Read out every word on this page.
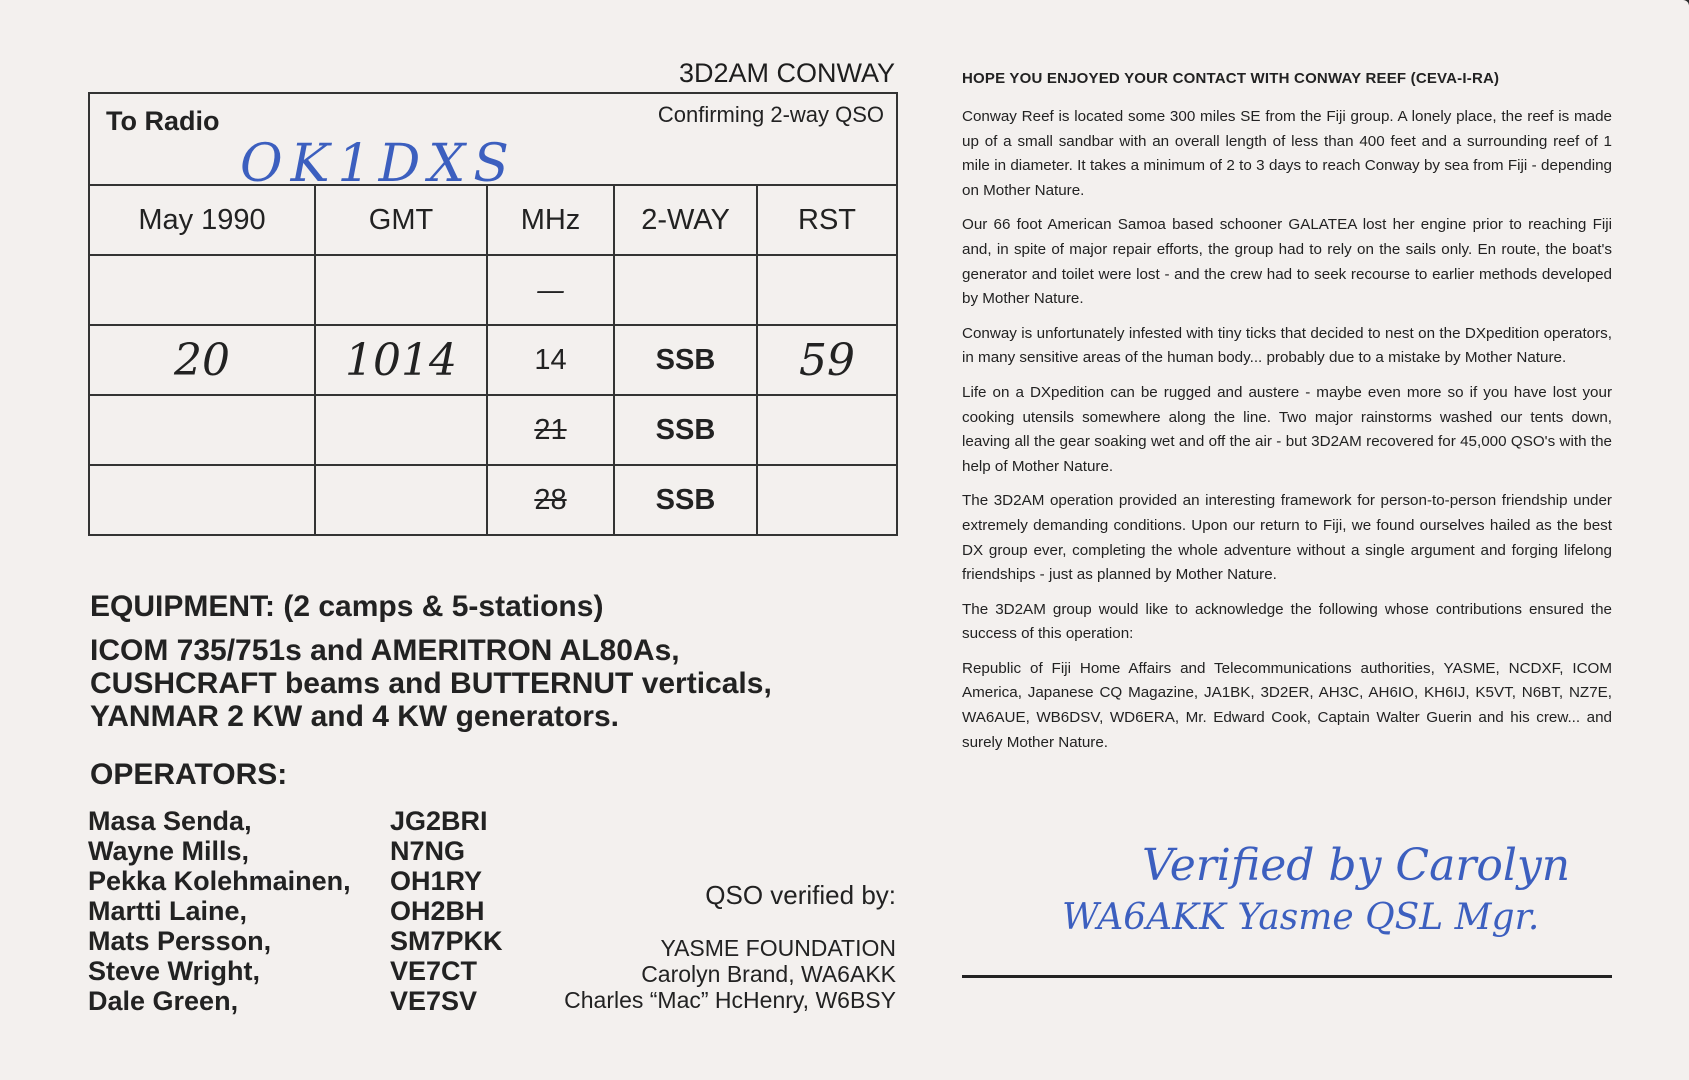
3D2AM CONWAY
To Radio Confirming 2-way QSO
OK1DXS				

May 1990	GMT	MHz	2-WAY	RST
		—		
20	1014	14	SSB	59
		21	SSB	
		28	SSB	
EQUIPMENT: (2 camps & 5-stations)
ICOM 735/751s and AMERITRON AL80As,
CUSHCRAFT beams and BUTTERNUT verticals,
YANMAR 2 KW and 4 KW generators.
OPERATORS:
Masa Senda,	JG2BRI
Wayne Mills,	N7NG
Pekka Kolehmainen,	OH1RY
Martti Laine,	OH2BH
Mats Persson,	SM7PKK
Steve Wright,	VE7CT
Dale Green,	VE7SV
QSO verified by:
YASME FOUNDATION
Carolyn Brand, WA6AKK
Charles “Mac” HcHenry, W6BSY
HOPE YOU ENJOYED YOUR CONTACT WITH CONWAY REEF (CEVA-I-RA)

Conway Reef is located some 300 miles SE from the Fiji group. A lonely place, the reef is made up of a small sandbar with an overall length of less than 400 feet and a surrounding reef of 1 mile in diameter. It takes a minimum of 2 to 3 days to reach Conway by sea from Fiji - depending on Mother Nature.

Our 66 foot American Samoa based schooner GALATEA lost her engine prior to reaching Fiji and, in spite of major repair efforts, the group had to rely on the sails only. En route, the boat's generator and toilet were lost - and the crew had to seek recourse to earlier methods developed by Mother Nature.

Conway is unfortunately infested with tiny ticks that decided to nest on the DXpedition operators, in many sensitive areas of the human body... probably due to a mistake by Mother Nature.

Life on a DXpedition can be rugged and austere - maybe even more so if you have lost your cooking utensils somewhere along the line. Two major rainstorms washed our tents down, leaving all the gear soaking wet and off the air - but 3D2AM recovered for 45,000 QSO's with the help of Mother Nature.

The 3D2AM operation provided an interesting framework for person-to-person friendship under extremely demanding conditions. Upon our return to Fiji, we found ourselves hailed as the best DX group ever, completing the whole adventure without a single argument and forging lifelong friendships - just as planned by Mother Nature.

The 3D2AM group would like to acknowledge the following whose contributions ensured the success of this operation:

Republic of Fiji Home Affairs and Telecommunications authorities, YASME, NCDXF, ICOM America, Japanese CQ Magazine, JA1BK, 3D2ER, AH3C, AH6IO, KH6IJ, K5VT, N6BT, NZ7E, WA6AUE, WB6DSV, WD6ERA, Mr. Edward Cook, Captain Walter Guerin and his crew... and surely Mother Nature.

Verified by Carolyn
WA6AKK Yasme QSL Mgr.
